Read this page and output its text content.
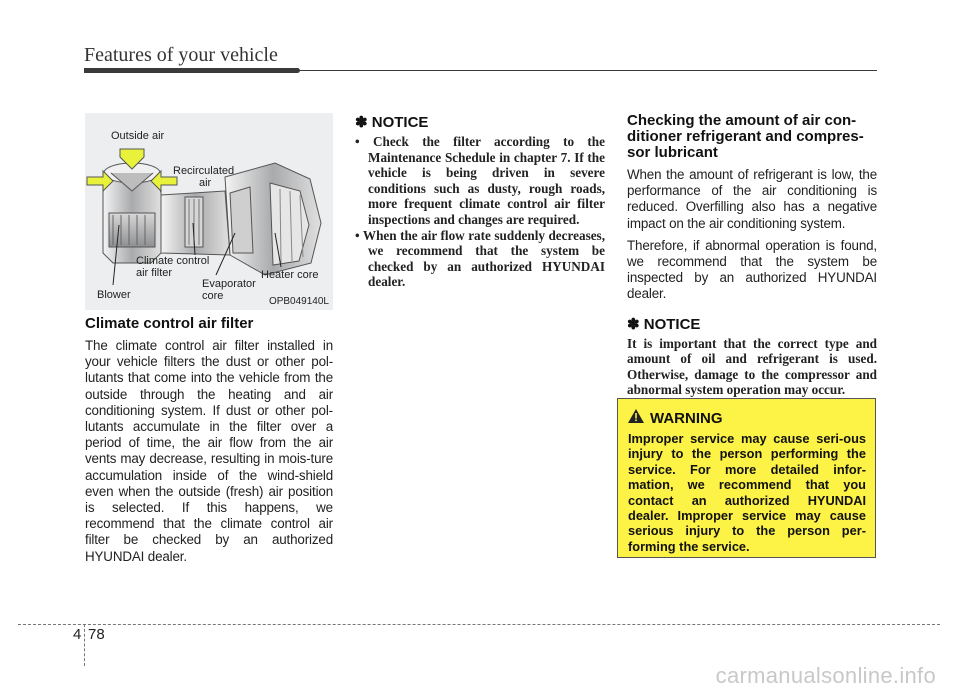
Features of your vehicle
Outside air
Recirculated
air
Climate control
air filter
Blower
Evaporator
core
Heater core
OPB049140L
Climate control air filter

The climate control air filter installed in your vehicle filters the dust or other pol-lutants that come into the vehicle from the outside through the heating and air conditioning system. If dust or other pol-lutants accumulate in the filter over a period of time, the air flow from the air vents may decrease, resulting in mois-ture accumulation inside of the wind-shield even when the outside (fresh) air position is selected. If this happens, we recommend that the climate control air filter be checked by an authorized HYUNDAI dealer.

✽ NOTICE

• Check the filter according to the Maintenance Schedule in chapter 7. If the vehicle is being driven in severe conditions such as dusty, rough roads, more frequent climate control air filter inspections and changes are required.

• When the air flow rate suddenly decreases, we recommend that the system be checked by an authorized HYUNDAI dealer.

Checking the amount of air con-ditioner refrigerant and compres-sor lubricant

When the amount of refrigerant is low, the performance of the air conditioning is reduced. Overfilling also has a negative impact on the air conditioning system.

Therefore, if abnormal operation is found, we recommend that the system be inspected by an authorized HYUNDAI dealer.

✽ NOTICE

It is important that the correct type and amount of oil and refrigerant is used. Otherwise, damage to the compressor and abnormal system operation may occur.

WARNING

Improper service may cause seri-ous injury to the person performing the service. For more detailed infor-mation, we recommend that you contact an authorized HYUNDAI dealer. Improper service may cause serious injury to the person per-forming the service.

4 78
carmanualsonline.info
